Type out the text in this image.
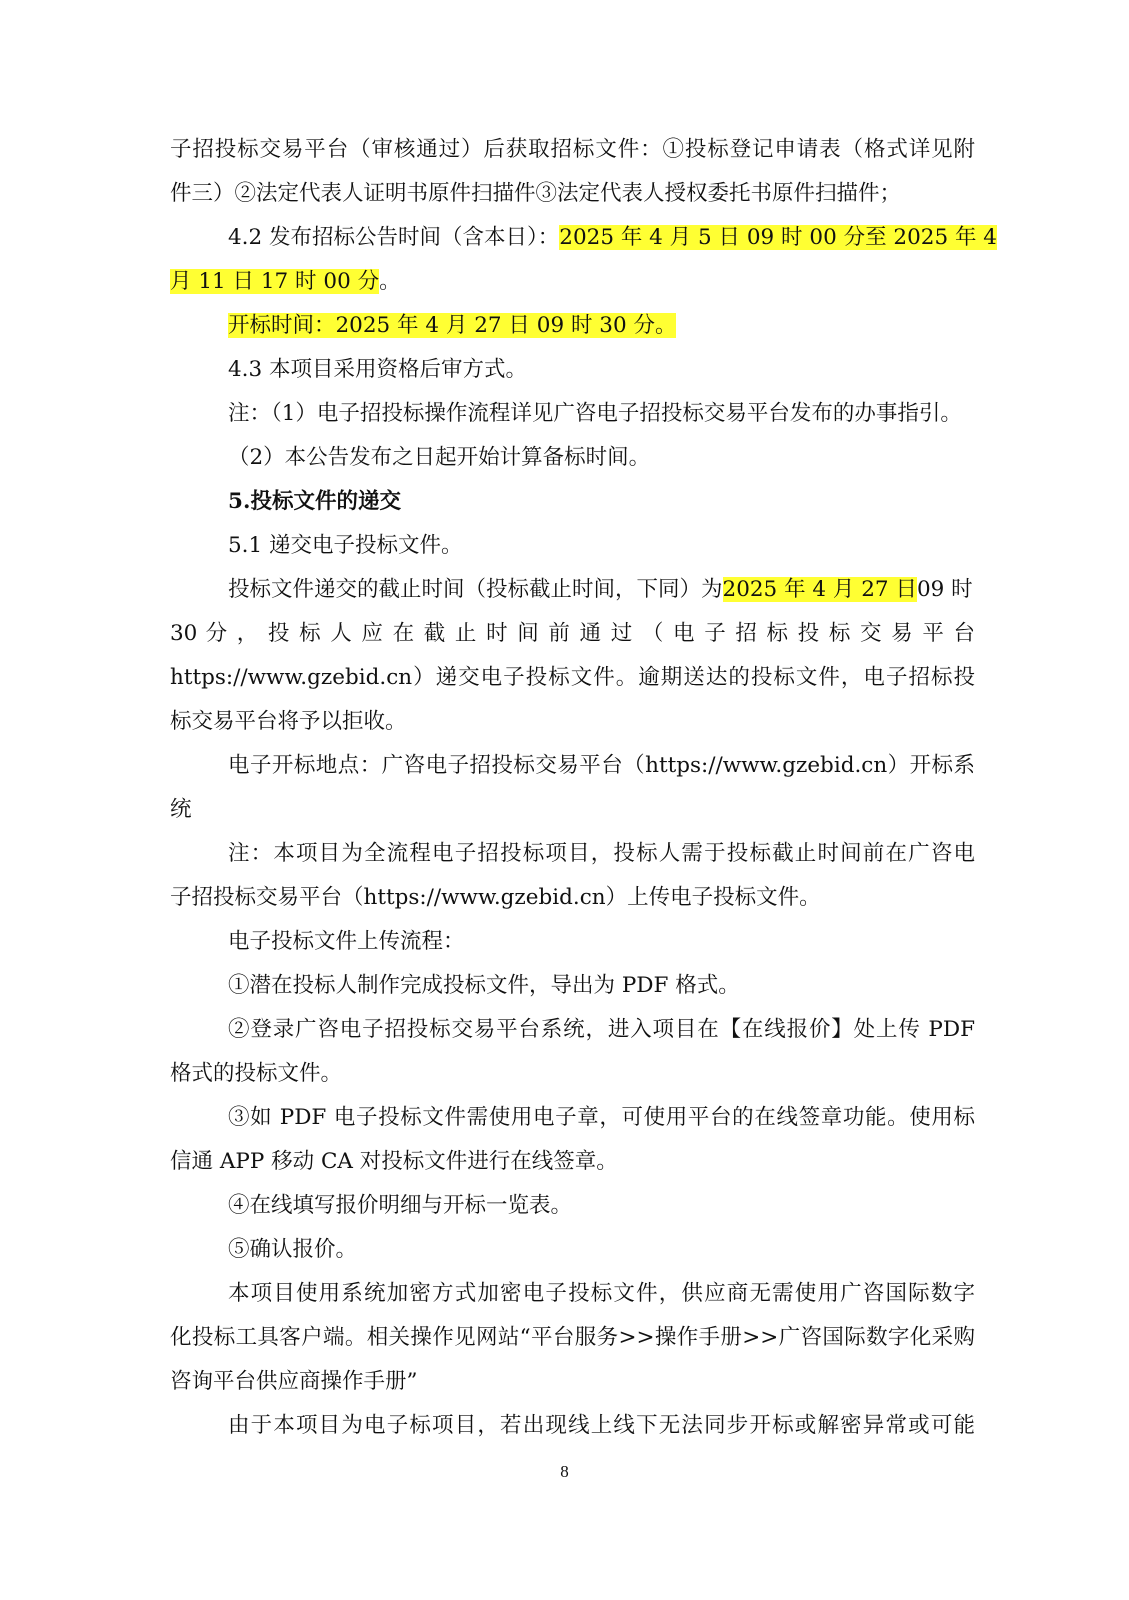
子招投标交易平台（审核通过）后获取招标文件：①投标登记申请表（格式详见附
件三）②法定代表人证明书原件扫描件③法定代表人授权委托书原件扫描件；
4.2 发布招标公告时间（含本日）：2025 年 4 月 5 日 09 时 00 分至 2025 年 4
月 11 日 17 时 00 分。
开标时间：2025 年 4 月 27 日 09 时 30 分。
4.3 本项目采用资格后审方式。
注：（1）电子招投标操作流程详见广咨电子招投标交易平台发布的办事指引。
（2）本公告发布之日起开始计算备标时间。
5.投标文件的递交
5.1 递交电子投标文件。
投标文件递交的截止时间（投标截止时间，下同）为2025 年 4 月 27 日09 时
30 分 ， 投 标 人 应 在 截 止 时 间 前 通 过 （ 电 子 招 标 投 标 交 易 平 台
https://www.gzebid.cn）递交电子投标文件。逾期送达的投标文件，电子招标投
标交易平台将予以拒收。
电子开标地点：广咨电子招投标交易平台（https://www.gzebid.cn）开标系
统
注：本项目为全流程电子招投标项目，投标人需于投标截止时间前在广咨电
子招投标交易平台（https://www.gzebid.cn）上传电子投标文件。
电子投标文件上传流程：
①潜在投标人制作完成投标文件，导出为 PDF 格式。
②登录广咨电子招投标交易平台系统，进入项目在【在线报价】处上传 PDF
格式的投标文件。
③如 PDF 电子投标文件需使用电子章，可使用平台的在线签章功能。使用标
信通 APP 移动 CA 对投标文件进行在线签章。
④在线填写报价明细与开标一览表。
⑤确认报价。
本项目使用系统加密方式加密电子投标文件，供应商无需使用广咨国际数字
化投标工具客户端。相关操作见网站“平台服务>>操作手册>>广咨国际数字化采购
咨询平台供应商操作手册”
由于本项目为电子标项目，若出现线上线下无法同步开标或解密异常或可能
8
